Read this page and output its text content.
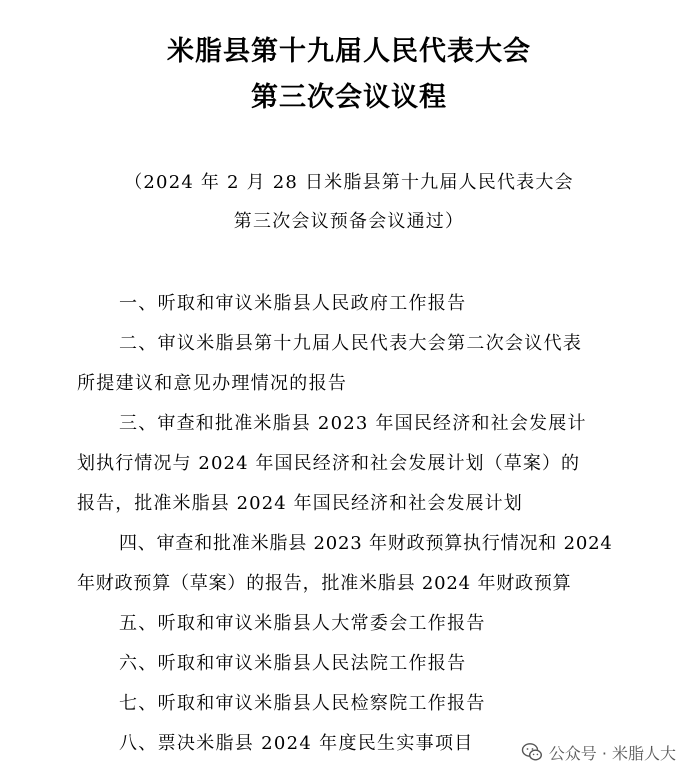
米脂县第十九届人民代表大会
第三次会议议程
（2024 年 2 月 28 日米脂县第十九届人民代表大会
第三次会议预备会议通过）
一、听取和审议米脂县人民政府工作报告
二、审议米脂县第十九届人民代表大会第二次会议代表
所提建议和意见办理情况的报告
三、审查和批准米脂县 2023 年国民经济和社会发展计
划执行情况与 2024 年国民经济和社会发展计划（草案）的
报告，批准米脂县 2024 年国民经济和社会发展计划
四、审查和批准米脂县 2023 年财政预算执行情况和 2024
年财政预算（草案）的报告，批准米脂县 2024 年财政预算
五、听取和审议米脂县人大常委会工作报告
六、听取和审议米脂县人民法院工作报告
七、听取和审议米脂县人民检察院工作报告
八、票决米脂县 2024 年度民生实事项目	公众号 · 米脂人大
